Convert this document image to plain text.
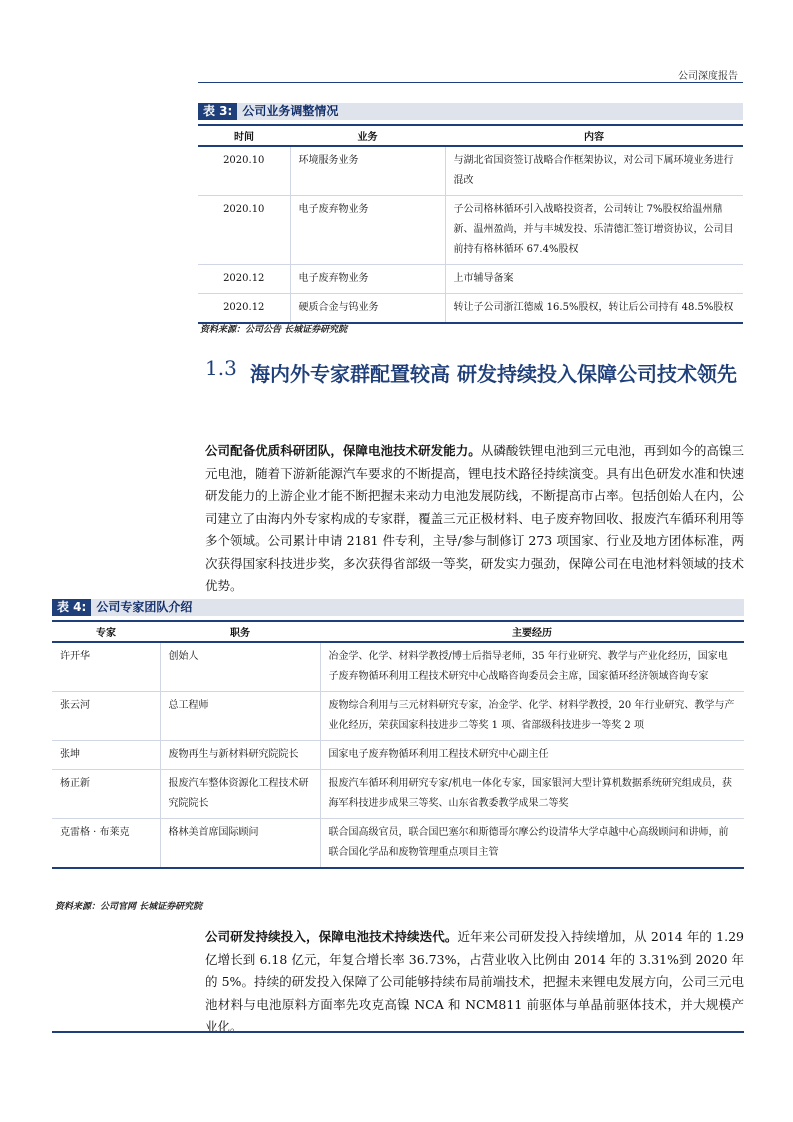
公司深度报告
表 3: 公司业务调整情况
时间	业务	内容
2020.10	环境服务业务	与湖北省国资签订战略合作框架协议，对公司下属环境业务进行混改
2020.10	电子废弃物业务	子公司格林循环引入战略投资者，公司转让 7%股权给温州鼎新、温州盈尚，并与丰城发投、乐清德汇签订增资协议，公司目前持有格林循环 67.4%股权
2020.12	电子废弃物业务	上市辅导备案
2020.12	硬质合金与钨业务	转让子公司浙江德威 16.5%股权，转让后公司持有 48.5%股权
资料来源：公司公告 长城证券研究院
1.3 海内外专家群配置较高 研发持续投入保障公司技术领先
公司配备优质科研团队，保障电池技术研发能力。从磷酸铁锂电池到三元电池，再到如今的高镍三元电池，随着下游新能源汽车要求的不断提高，锂电技术路径持续演变。具有出色研发水准和快速研发能力的上游企业才能不断把握未来动力电池发展防线，不断提高市占率。包括创始人在内，公司建立了由海内外专家构成的专家群，覆盖三元正极材料、电子废弃物回收、报废汽车循环利用等多个领域。公司累计申请 2181 件专利，主导/参与制修订 273 项国家、行业及地方团体标准，两次获得国家科技进步奖，多次获得省部级一等奖，研发实力强劲，保障公司在电池材料领域的技术优势。
表 4: 公司专家团队介绍
专家	职务	主要经历
许开华	创始人	冶金学、化学、材料学教授/博士后指导老师，35 年行业研究、教学与产业化经历，国家电子废弃物循环利用工程技术研究中心战略咨询委员会主席，国家循环经济领域咨询专家
张云河	总工程师	废物综合利用与三元材料研究专家，冶金学、化学、材料学教授，20 年行业研究、教学与产业化经历，荣获国家科技进步二等奖 1 项、省部级科技进步一等奖 2 项
张坤	废物再生与新材料研究院院长	国家电子废弃物循环利用工程技术研究中心副主任
杨正新	报废汽车整体资源化工程技术研究院院长	报废汽车循环利用研究专家/机电一体化专家，国家银河大型计算机数据系统研究组成员，获海军科技进步成果三等奖、山东省教委教学成果二等奖
克雷格 · 布莱克	格林美首席国际顾问	联合国高级官员，联合国巴塞尔和斯德哥尔摩公约设清华大学卓越中心高级顾问和讲师，前联合国化学品和废物管理重点项目主管
资料来源：公司官网 长城证券研究院
公司研发持续投入，保障电池技术持续迭代。近年来公司研发投入持续增加，从 2014 年的 1.29 亿增长到 6.18 亿元，年复合增长率 36.73%，占营业收入比例由 2014 年的 3.31%到 2020 年的 5%。持续的研发投入保障了公司能够持续布局前端技术，把握未来锂电发展方向，公司三元电池材料与电池原料方面率先攻克高镍 NCA 和 NCM811 前驱体与单晶前驱体技术，并大规模产业化。
